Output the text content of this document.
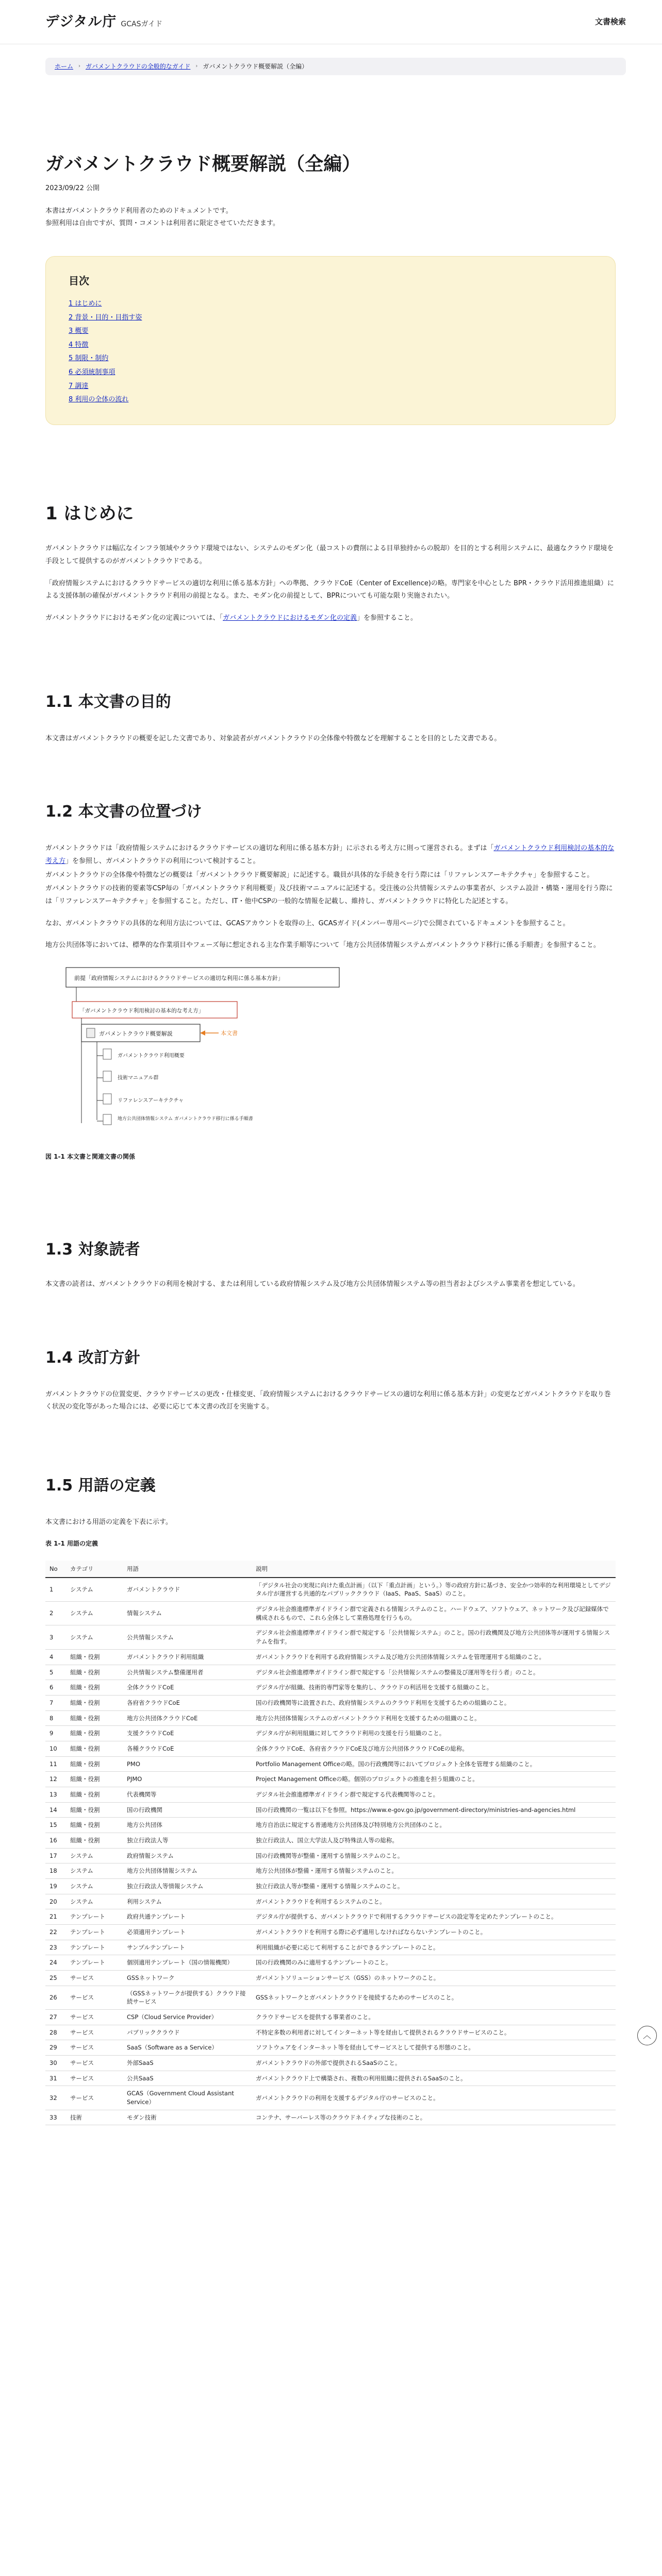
デジタル庁 GCASガイド	文書検索
ホーム › ガバメントクラウドの全般的なガイド › ガバメントクラウド概要解説（全編）
ガバメントクラウド概要解説（全編）
2023/09/22 公開
本書はガバメントクラウド利用者のためのドキュメントです。
参照利用は自由ですが、質問・コメントは利用者に限定させていただきます。
目次
1 はじめに
2 背景・目的・目指す姿
3 概要
4 特徴
5 制限・制約
6 必須統制事項
7 調達
8 利用の全体の流れ
1 はじめに

ガバメントクラウドは幅広なインフラ領域やクラウド環境ではない、システムのモダン化（最コストの費削による目単独持からの脱却）を目的とする利用システムに、最適なクラウド環境を手段として提供するのがガバメントクラウドである。

「政府情報システムにおけるクラウドサービスの適切な利用に係る基本方針」への準拠、クラウドCoE（Center of Excellence)の略。専門家を中心とした BPR・クラウド活用推進組織）による支援体制の確保がガバメントクラウド利用の前提となる。また、モダン化の前提として、BPRについても可能な限り実施されたい。

ガバメントクラウドにおけるモダン化の定義については、「ガバメントクラウドにおけるモダン化の定義」を参照すること。

1.1 本文書の目的

本文書はガバメントクラウドの概要を記した文書であり、対象読者がガバメントクラウドの全体像や特徴などを理解することを目的とした文書である。

1.2 本文書の位置づけ

ガバメントクラウドは「政府情報システムにおけるクラウドサービスの適切な利用に係る基本方針」に示される考え方に則って運営される。まずは「ガバメントクラウド利用検討の基本的な考え方」を参照し、ガバメントクラウドの利用について検討すること。

ガバメントクラウドの全体像や特徴などの概要は「ガバメントクラウド概要解説」に記述する。職員が具体的な手続きを行う際には「リファレンスアーキテクチャ」を参照すること。

ガバメントクラウドの技術的要素等CSP毎の「ガバメントクラウド利用概要」及び技術マニュアルに記述する。受注後の公共情報システムの事業者が、システム設計・構築・運用を行う際には「リファレンスアーキテクチャ」を参照すること。ただし、IT・他中CSPの一般的な情報を記載し、維持し、ガバメントクラウドに特化した記述とする。

なお、ガバメントクラウドの具体的な利用方法については、GCASアカウントを取得の上、GCASガイド(メンバー専用ページ)で公開されているドキュメントを参照すること。

地方公共団体等においては、標準的な作業項目やフェーズ毎に想定される主な作業手順等について「地方公共団体情報システムガバメントクラウド移行に係る手順書」を参照すること。

前提「政府情報システムにおけるクラウドサービスの適切な利用に係る基本方針」
「ガバメントクラウド利用検討の基本的な考え方」
ガバメントクラウド概要解説	本文書
ガバメントクラウド利用概要
技術マニュアル群
リファレンスアーキテクチャ
地方公共団体情報システム ガバメントクラウド移行に係る手順書
図 1-1 本文書と関連文書の関係
1.3 対象読者

本文書の読者は、ガバメントクラウドの利用を検討する、または利用している政府情報システム及び地方公共団体情報システム等の担当者およびシステム事業者を想定している。

1.4 改訂方針

ガバメントクラウドの位置変更、クラウドサービスの更改・仕様変更、「政府情報システムにおけるクラウドサービスの適切な利用に係る基本方針」の変更などガバメントクラウドを取り巻く状況の変化等があった場合には、必要に応じて本文書の改訂を実施する。

1.5 用語の定義

本文書における用語の定義を下表に示す。

表 1-1 用語の定義
No	カテゴリ	用語	説明
1	システム	ガバメントクラウド	「デジタル社会の実現に向けた重点計画」（以下「重点計画」という。）等の政府方針に基づき、安全かつ効率的な利用環境としてデジタル庁が運営する共通的なパブリッククラウド（IaaS、PaaS、SaaS）のこと。
2	システム	情報システム	デジタル社会推進標準ガイドライン群で定義される情報システムのこと。ハードウェア、ソフトウェア、ネットワーク及び記録媒体で構成されるもので、これら全体として業務処理を行うもの。
3	システム	公共情報システム	デジタル社会推進標準ガイドライン群で規定する「公共情報システム」のこと。国の行政機関及び地方公共団体等が運用する情報システムを指す。
4	組織・役割	ガバメントクラウド利用組織	ガバメントクラウドを利用する政府情報システム及び地方公共団体情報システムを管理運用する組織のこと。
5	組織・役割	公共情報システム整備運用者	デジタル社会推進標準ガイドライン群で規定する「公共情報システムの整備及び運用等を行う者」のこと。
6	組織・役割	全体クラウドCoE	デジタル庁が組織、技術的専門家等を集約し、クラウドの利活用を支援する組織のこと。
7	組織・役割	各府省クラウドCoE	国の行政機関等に設置された、政府情報システムのクラウド利用を支援するための組織のこと。
8	組織・役割	地方公共団体クラウドCoE	地方公共団体情報システムのガバメントクラウド利用を支援するための組織のこと。
9	組織・役割	支援クラウドCoE	デジタル庁が利用組織に対してクラウド利用の支援を行う組織のこと。
10	組織・役割	各種クラウドCoE	全体クラウドCoE、各府省クラウドCoE及び地方公共団体クラウドCoEの総称。
11	組織・役割	PMO	Portfolio Management Officeの略。国の行政機関等においてプロジェクト全体を管理する組織のこと。
12	組織・役割	PJMO	Project Management Officeの略。個別のプロジェクトの推進を担う組織のこと。
13	組織・役割	代表機関等	デジタル社会推進標準ガイドライン群で規定する代表機関等のこと。
14	組織・役割	国の行政機関	国の行政機関の一覧は以下を参照。https://www.e-gov.go.jp/government-directory/ministries-and-agencies.html
15	組織・役割	地方公共団体	地方自治法に規定する普通地方公共団体及び特別地方公共団体のこと。
16	組織・役割	独立行政法人等	独立行政法人、国立大学法人及び特殊法人等の総称。
17	システム	政府情報システム	国の行政機関等が整備・運用する情報システムのこと。
18	システム	地方公共団体情報システム	地方公共団体が整備・運用する情報システムのこと。
19	システム	独立行政法人等情報システム	独立行政法人等が整備・運用する情報システムのこと。
20	システム	利用システム	ガバメントクラウドを利用するシステムのこと。
21	テンプレート	政府共通テンプレート	デジタル庁が提供する、ガバメントクラウドで利用するクラウドサービスの設定等を定めたテンプレートのこと。
22	テンプレート	必須適用テンプレート	ガバメントクラウドを利用する際に必ず適用しなければならないテンプレートのこと。
23	テンプレート	サンプルテンプレート	利用組織が必要に応じて利用することができるテンプレートのこと。
24	テンプレート	個別適用テンプレート（国の情報機関）	国の行政機関のみに適用するテンプレートのこと。
25	サービス	GSSネットワーク	ガバメントソリューションサービス（GSS）のネットワークのこと。
26	サービス	（GSSネットワークが提供する）クラウド接続サービス	GSSネットワークとガバメントクラウドを接続するためのサービスのこと。
27	サービス	CSP（Cloud Service Provider）	クラウドサービスを提供する事業者のこと。
28	サービス	パブリッククラウド	不特定多数の利用者に対してインターネット等を経由して提供されるクラウドサービスのこと。
29	サービス	SaaS（Software as a Service）	ソフトウェアをインターネット等を経由してサービスとして提供する形態のこと。
30	サービス	外部SaaS	ガバメントクラウドの外部で提供されるSaaSのこと。
31	サービス	公共SaaS	ガバメントクラウド上で構築され、複数の利用組織に提供されるSaaSのこと。
32	サービス	GCAS（Government Cloud Assistant Service）	ガバメントクラウドの利用を支援するデジタル庁のサービスのこと。
33	技術	モダン技術	コンテナ、サーバーレス等のクラウドネイティブな技術のこと。
︿
